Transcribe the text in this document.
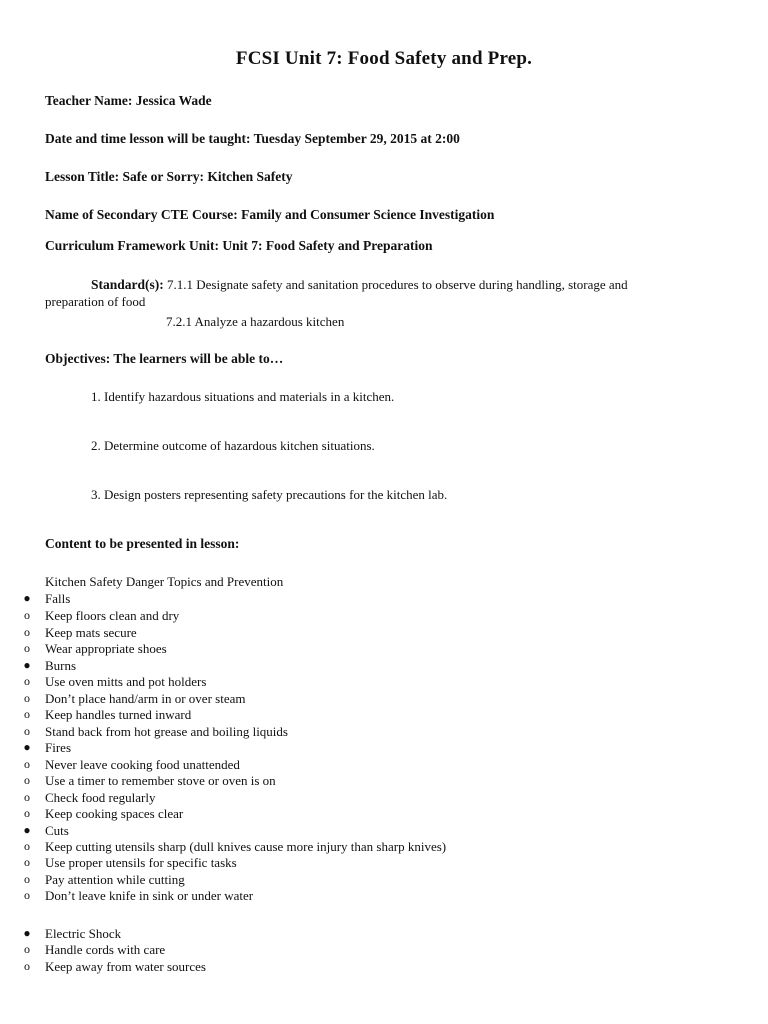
FCSI Unit 7: Food Safety and Prep.
Teacher Name: Jessica Wade
Date and time lesson will be taught: Tuesday September 29, 2015 at 2:00
Lesson Title: Safe or Sorry: Kitchen Safety
Name of Secondary CTE Course: Family and Consumer Science Investigation
Curriculum Framework Unit: Unit 7: Food Safety and Preparation
Standard(s): 7.1.1 Designate safety and sanitation procedures to observe during handling, storage and
preparation of food
7.2.1 Analyze a hazardous kitchen
Objectives: The learners will be able to…
1. Identify hazardous situations and materials in a kitchen.
2. Determine outcome of hazardous kitchen situations.
3. Design posters representing safety precautions for the kitchen lab.
Content to be presented in lesson:
Kitchen Safety Danger Topics and Prevention
● Falls
o	Keep floors clean and dry
o	Keep mats secure
o	Wear appropriate shoes
● Burns
o	Use oven mitts and pot holders
o	Don’t place hand/arm in or over steam
o	Keep handles turned inward
o	Stand back from hot grease and boiling liquids
● Fires
o	Never leave cooking food unattended
o	Use a timer to remember stove or oven is on
o	Check food regularly
o	Keep cooking spaces clear
● Cuts
o	Keep cutting utensils sharp (dull knives cause more injury than sharp knives)
o	Use proper utensils for specific tasks
o	Pay attention while cutting
o	Don’t leave knife in sink or under water
● Electric Shock
o	Handle cords with care
o	Keep away from water sources
